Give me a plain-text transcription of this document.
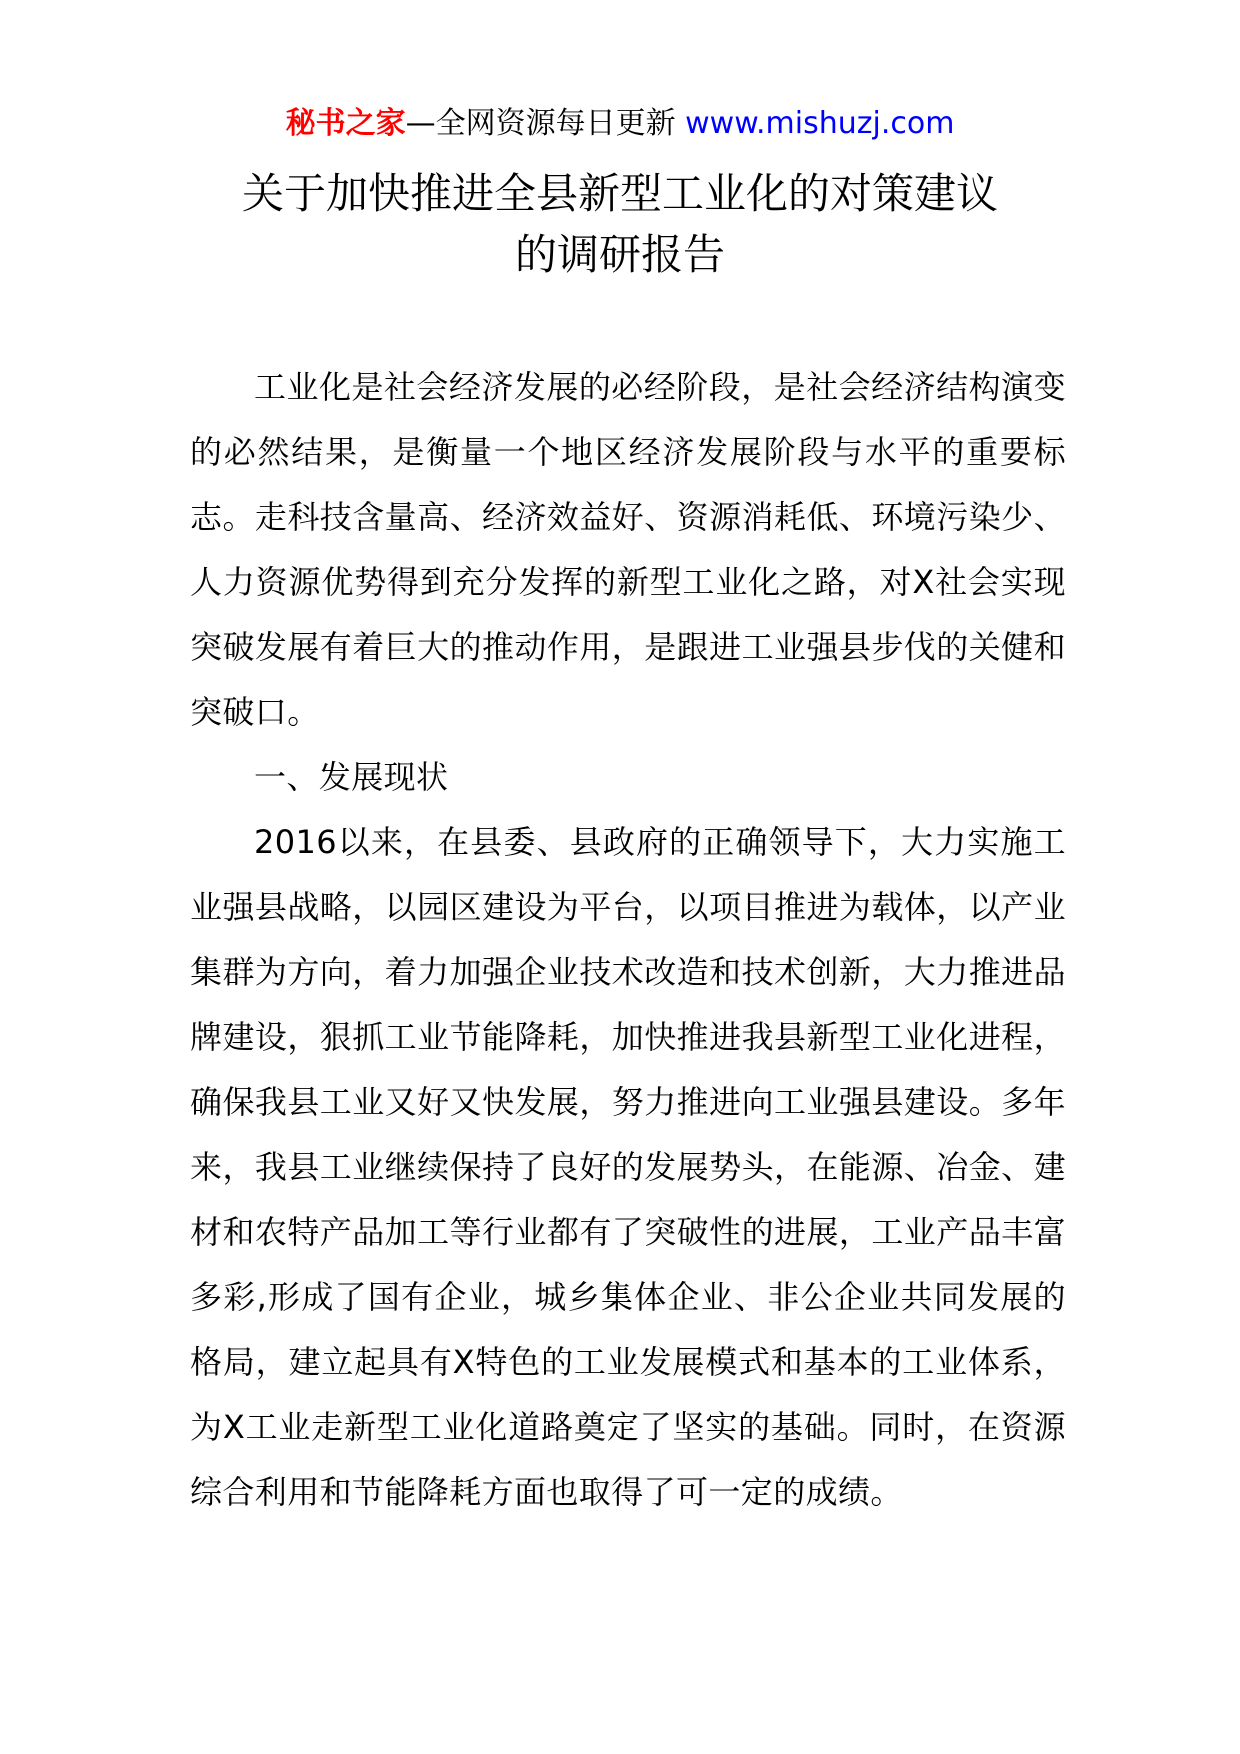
秘书之家—全网资源每日更新 www.mishuzj.com
关于加快推进全县新型工业化的对策建议
的调研报告

工业化是社会经济发展的必经阶段，是社会经济结构演变的必然结果，是衡量一个地区经济发展阶段与水平的重要标志。走科技含量高、经济效益好、资源消耗低、环境污染少、人力资源优势得到充分发挥的新型工业化之路，对X社会实现突破发展有着巨大的推动作用，是跟进工业强县步伐的关健和突破口。

一、发展现状

2016以来，在县委、县政府的正确领导下，大力实施工业强县战略，以园区建设为平台，以项目推进为载体，以产业集群为方向，着力加强企业技术改造和技术创新，大力推进品牌建设，狠抓工业节能降耗，加快推进我县新型工业化进程，确保我县工业又好又快发展，努力推进向工业强县建设。多年来，我县工业继续保持了良好的发展势头，在能源、冶金、建材和农特产品加工等行业都有了突破性的进展，工业产品丰富多彩,形成了国有企业，城乡集体企业、非公企业共同发展的格局，建立起具有X特色的工业发展模式和基本的工业体系，为X工业走新型工业化道路奠定了坚实的基础。同时，在资源综合利用和节能降耗方面也取得了可一定的成绩。
